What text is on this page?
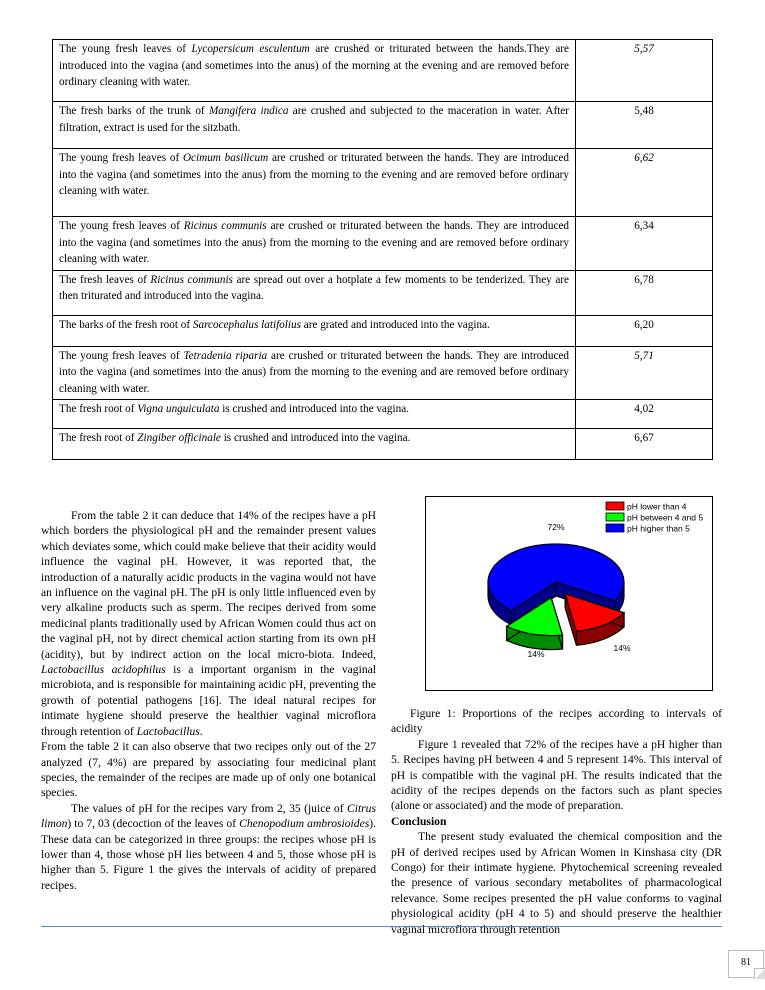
The young fresh leaves of Lycopersicum esculentum are crushed or triturated between the hands.They are introduced into the vagina (and sometimes into the anus) of the morning at the evening and are removed before ordinary cleaning with water.	5,57
The fresh barks of the trunk of Mangifera indica are crushed and subjected to the maceration in water. After filtration, extract is used for the sitzbath.	5,48
The young fresh leaves of Ocimum basilicum are crushed or triturated between the hands. They are introduced into the vagina (and sometimes into the anus) from the morning to the evening and are removed before ordinary cleaning with water.	6,62
The young fresh leaves of Ricinus communis are crushed or triturated between the hands. They are introduced into the vagina (and sometimes into the anus) from the morning to the evening and are removed before ordinary cleaning with water.	6,34
The fresh leaves of Ricinus communis are spread out over a hotplate a few moments to be tenderized. They are then triturated and introduced into the vagina.	6,78
The barks of the fresh root of Sarcocephalus latifolius are grated and introduced into the vagina.	6,20
The young fresh leaves of Tetradenia riparia are crushed or triturated between the hands. They are introduced into the vagina (and sometimes into the anus) from the morning to the evening and are removed before ordinary cleaning with water.	5,71
The fresh root of Vigna unguiculata is crushed and introduced into the vagina.	4,02
The fresh root of Zingiber officinale is crushed and introduced into the vagina.	6,67

From the table 2 it can deduce that 14% of the recipes have a pH which borders the physiological pH and the remainder present values which deviates some, which could make believe that their acidity would influence the vaginal pH. However, it was reported that, the introduction of a naturally acidic products in the vagina would not have an influence on the vaginal pH. The pH is only little influenced even by very alkaline products such as sperm. The recipes derived from some medicinal plants traditionally used by African Women could thus act on the vaginal pH, not by direct chemical action starting from its own pH (acidity), but by indirect action on the local micro-biota. Indeed, Lactobacillus acidophilus is a important organism in the vaginal microbiota, and is responsible for maintaining acidic pH, preventing the growth of potential pathogens [16]. The ideal natural recipes for intimate hygiene should preserve the healthier vaginal microflora through retention of Lactobacillus.

From the table 2 it can also observe that two recipes only out of the 27 analyzed (7, 4%) are prepared by associating four medicinal plant species, the remainder of the recipes are made up of only one botanical species.

The values of pH for the recipes vary from 2, 35 (juice of Citrus limon) to 7, 03 (decoction of the leaves of Chenopodium ambrosioides). These data can be categorized in three groups: the recipes whose pH is lower than 4, those whose pH lies between 4 and 5, those whose pH is higher than 5. Figure 1 the gives the intervals of acidity of prepared recipes.

14%
14%
72%
pH lower than 4
pH between 4 and 5
pH higher than 5

Figure 1: Proportions of the recipes according to intervals of acidity

Figure 1 revealed that 72% of the recipes have a pH higher than 5. Recipes having pH between 4 and 5 represent 14%. This interval of pH is compatible with the vaginal pH. The results indicated that the acidity of the recipes depends on the factors such as plant species (alone or associated) and the mode of preparation.

Conclusion

The present study evaluated the chemical composition and the pH of derived recipes used by African Women in Kinshasa city (DR Congo) for their intimate hygiene. Phytochemical screening revealed the presence of various secondary metabolites of pharmacological relevance. Some recipes presented the pH value conforms to vaginal physiological acidity (pH 4 to 5) and should preserve the healthier vaginal microflora through retention

81
